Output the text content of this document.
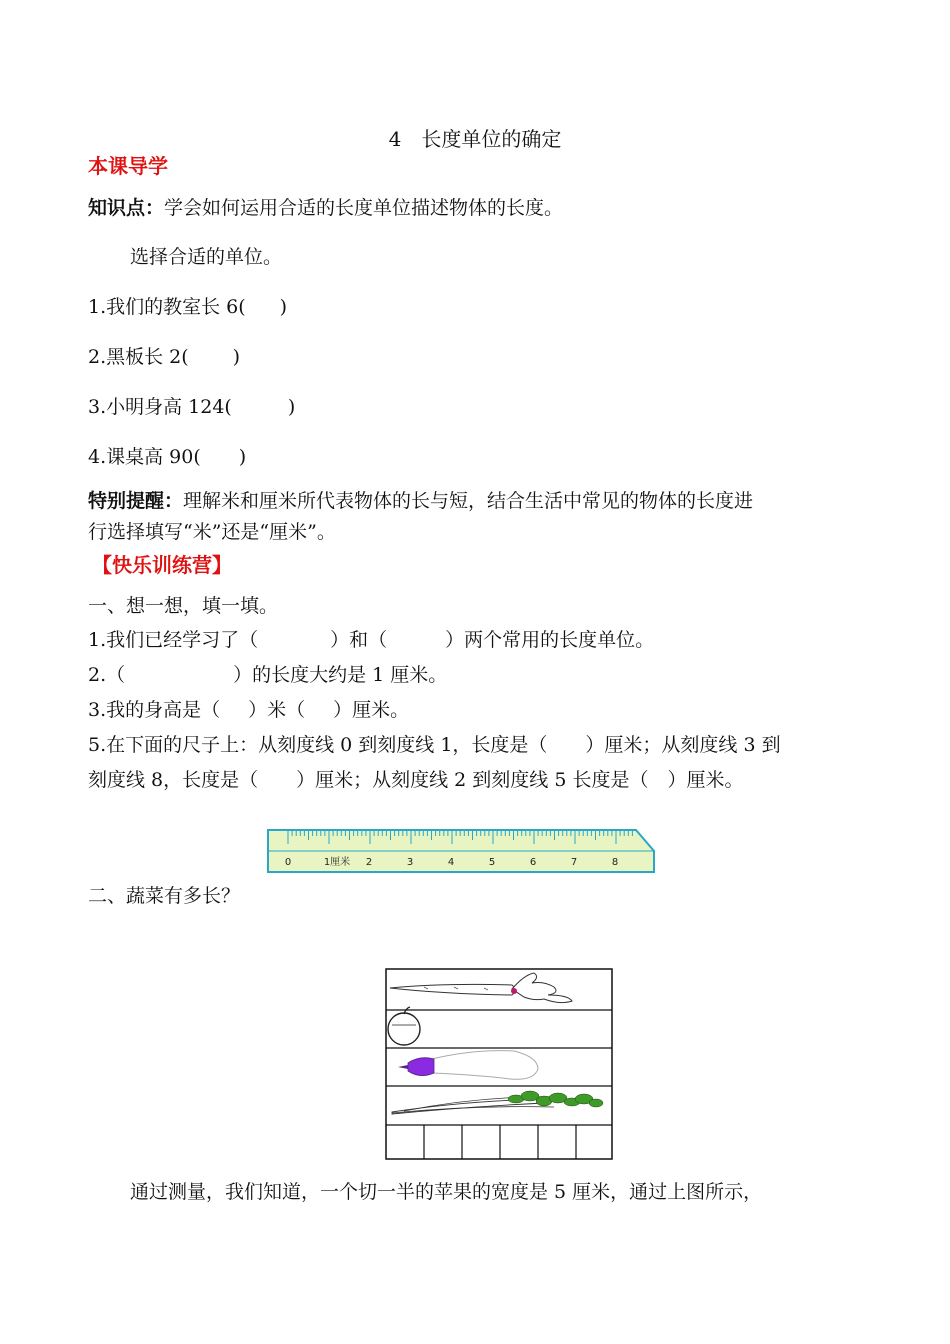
4　长度单位的确定
本课导学
知识点：学会如何运用合适的长度单位描述物体的长度。
选择合适的单位。
1.我们的教室长 6( )
2.黑板长 2( )
3.小明身高 124(	)
4.课桌高 90( )
特别提醒：理解米和厘米所代表物体的长与短，结合生活中常见的物体的长度进
行选择填写“米”还是“厘米”。
【快乐训练营】
一、想一想，填一填。
1.我们已经学习了（	）和（	）两个常用的长度单位。
2.（	）的长度大约是 1 厘米。
3.我的身高是（ ）米（ ）厘米。
5.在下面的尺子上：从刻度线 0 到刻度线 1，长度是（　　）厘米；从刻度线 3 到
刻度线 8，长度是（　　）厘米；从刻度线 2 到刻度线 5 长度是（　）厘米。
0	1厘米 2	3	4	5	6	7	8
二、蔬菜有多长？
通过测量，我们知道，一个切一半的苹果的宽度是 5 厘米，通过上图所示，
